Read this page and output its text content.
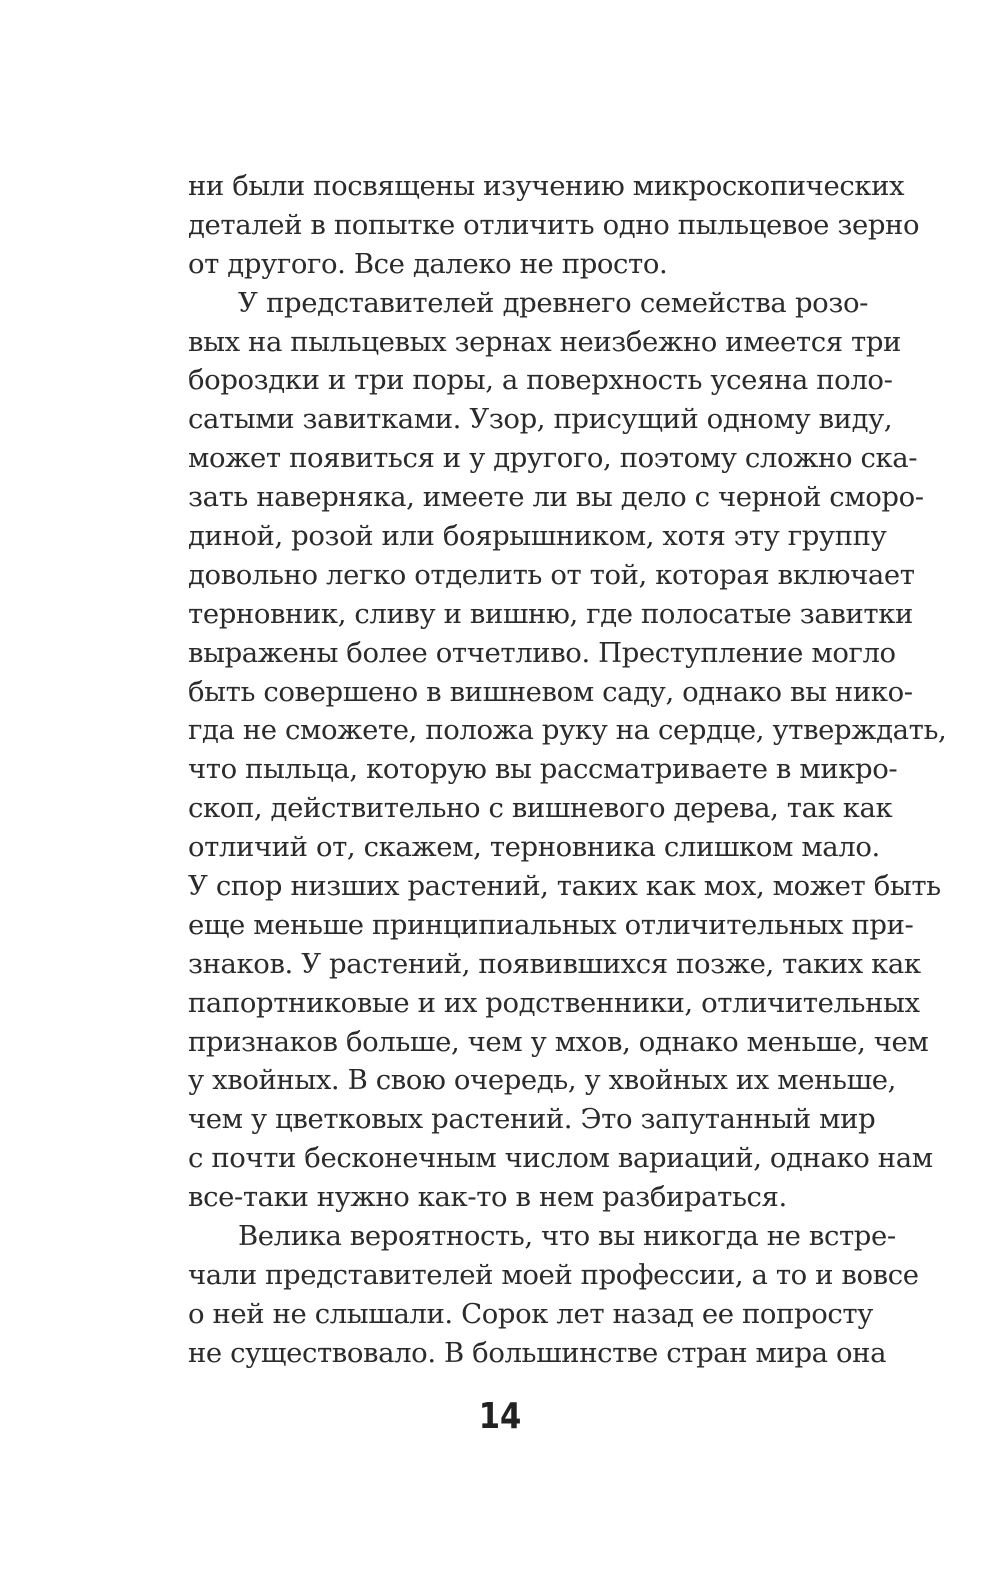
ни были посвящены изучению микроскопических
деталей в попытке отличить одно пыльцевое зерно
от другого. Все далеко не просто.
У представителей древнего семейства розо-
вых на пыльцевых зернах неизбежно имеется три
бороздки и три поры, а поверхность усеяна поло-
сатыми завитками. Узор, присущий одному виду,
может появиться и у другого, поэтому сложно ска-
зать наверняка, имеете ли вы дело с черной сморо-
диной, розой или боярышником, хотя эту группу
довольно легко отделить от той, которая включает
терновник, сливу и вишню, где полосатые завитки
выражены более отчетливо. Преступление могло
быть совершено в вишневом саду, однако вы нико-
гда не сможете, положа руку на сердце, утверждать,
что пыльца, которую вы рассматриваете в микро-
скоп, действительно с вишневого дерева, так как
отличий от, скажем, терновника слишком мало.
У спор низших растений, таких как мох, может быть
еще меньше принципиальных отличительных при-
знаков. У растений, появившихся позже, таких как
папортниковые и их родственники, отличительных
признаков больше, чем у мхов, однако меньше, чем
у хвойных. В свою очередь, у хвойных их меньше,
чем у цветковых растений. Это запутанный мир
с почти бесконечным числом вариаций, однако нам
все-таки нужно как-то в нем разбираться.
Велика вероятность, что вы никогда не встре-
чали представителей моей профессии, а то и вовсе
о ней не слышали. Сорок лет назад ее попросту
не существовало. В большинстве стран мира она
14
